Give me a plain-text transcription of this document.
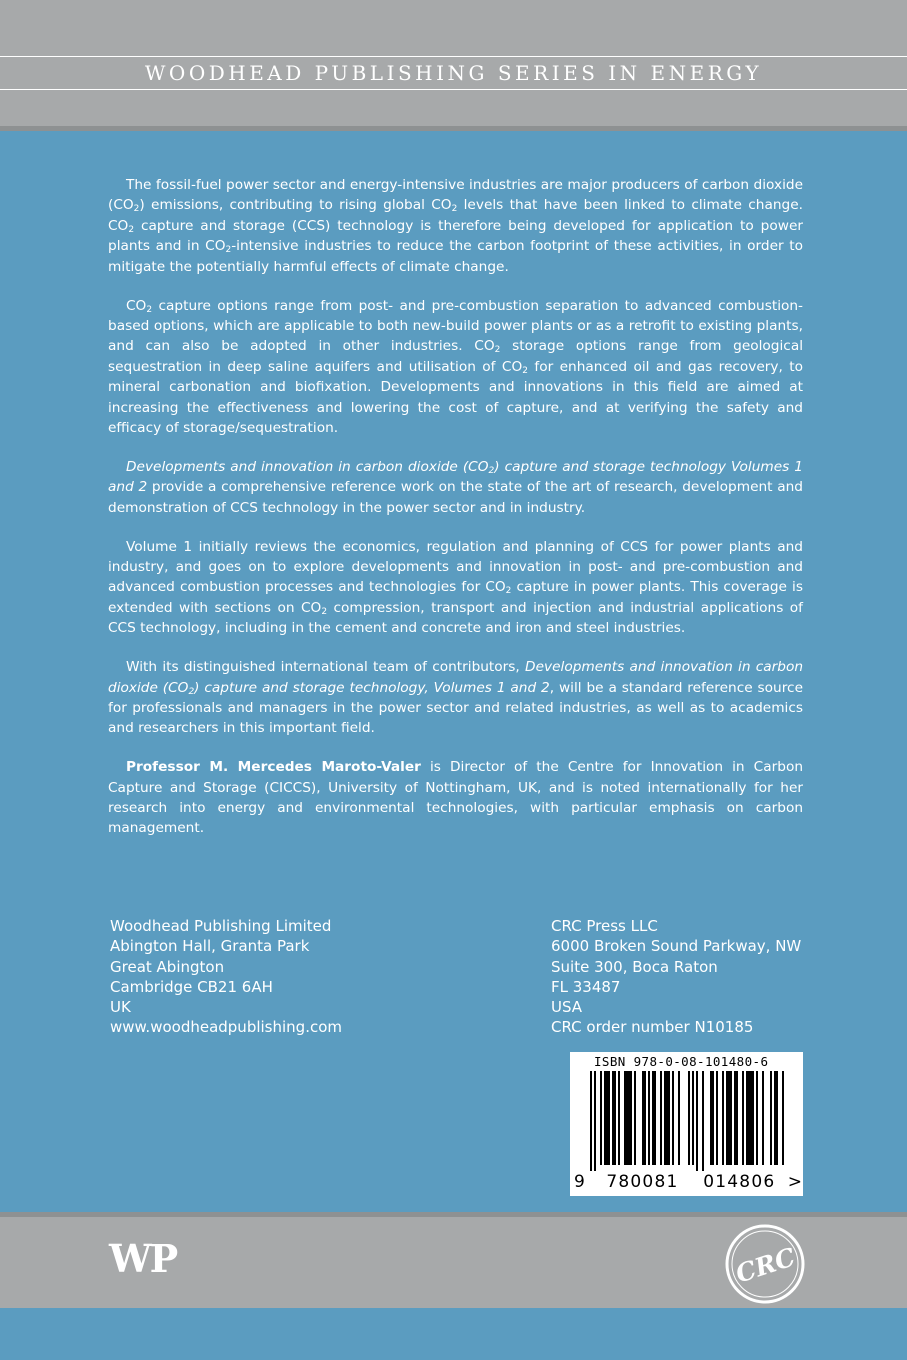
WOODHEAD PUBLISHING SERIES IN ENERGY

The fossil-fuel power sector and energy-intensive industries are major producers of carbon dioxide $(CO_2)$ emissions, contributing to rising global $CO_2$ levels that have been linked to climate change. $CO_2$ capture and storage (CCS) technology is therefore being developed for application to power plants and in $CO_2$-intensive industries to reduce the carbon footprint of these activities, in order to mitigate the potentially harmful effects of climate change.

$CO_2$ capture options range from post- and pre-combustion separation to advanced combustion-based options, which are applicable to both new-build power plants or as a retrofit to existing plants, and can also be adopted in other industries. $CO_2$ storage options range from geological sequestration in deep saline aquifers and utilisation of $CO_2$ for enhanced oil and gas recovery, to mineral carbonation and biofixation. Developments and innovations in this field are aimed at increasing the effectiveness and lowering the cost of capture, and at verifying the safety and efficacy of storage/sequestration.

Developments and innovation in carbon dioxide $(CO_2)$ capture and storage technology Volumes 1 and 2 provide a comprehensive reference work on the state of the art of research, development and demonstration of CCS technology in the power sector and in industry.

Volume 1 initially reviews the economics, regulation and planning of CCS for power plants and industry, and goes on to explore developments and innovation in post- and pre-combustion and advanced combustion processes and technologies for $CO_2$ capture in power plants. This coverage is extended with sections on $CO_2$ compression, transport and injection and industrial applications of CCS technology, including in the cement and concrete and iron and steel industries.

With its distinguished international team of contributors, Developments and innovation in carbon dioxide $(CO_2)$ capture and storage technology, Volumes 1 and 2, will be a standard reference source for professionals and managers in the power sector and related industries, as well as to academics and researchers in this important field.

Professor M. Mercedes Maroto-Valer is Director of the Centre for Innovation in Carbon Capture and Storage (CICCS), University of Nottingham, UK, and is noted internationally for her research into energy and environmental technologies, with particular emphasis on carbon management.

Woodhead Publishing Limited
Abington Hall, Granta Park
Great Abington
Cambridge CB21 6AH
UK
www.woodheadpublishing.com
CRC Press LLC
6000 Broken Sound Parkway, NW
Suite 300, Boca Raton
FL 33487
USA
CRC order number N10185
ISBN 978-0-08-101480-6
9	780081	014806 >
WP	CRC
